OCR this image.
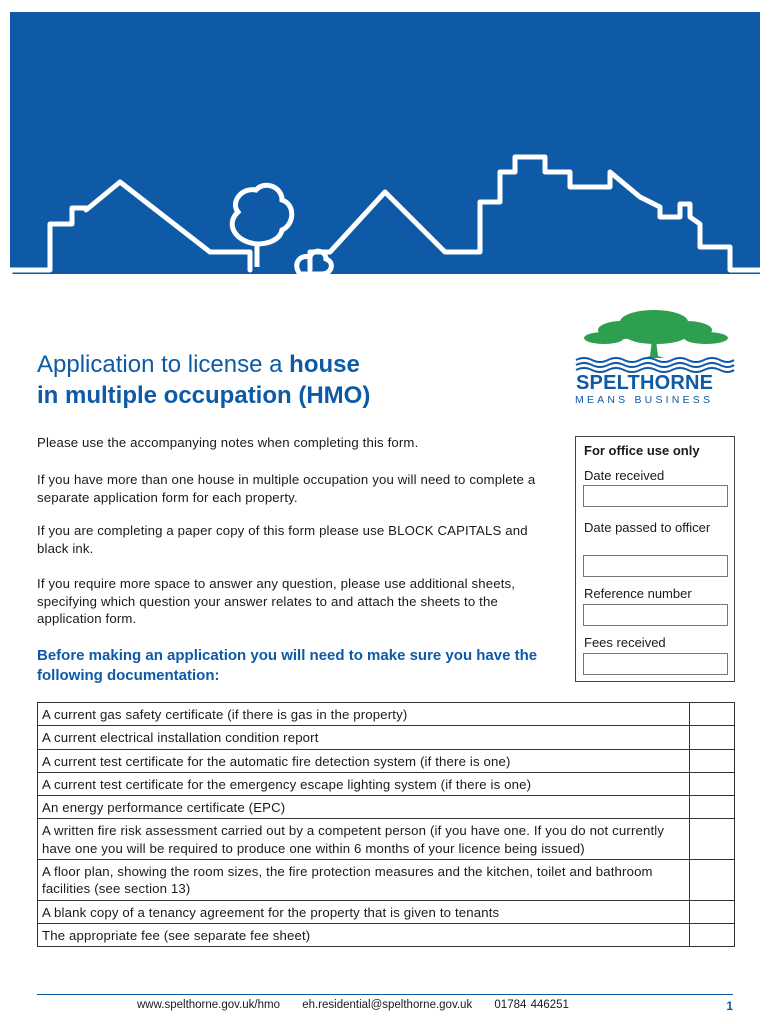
SPELTHORNE
MEANS BUSINESS
Application to license a house
in multiple occupation (HMO)
Please use the accompanying notes when completing this form.
If you have more than one house in multiple occupation you will need to complete a separate application form for each property.
If you are completing a paper copy of this form please use BLOCK CAPITALS and black ink.
If you require more space to answer any question, please use additional sheets, specifying which question your answer relates to and attach the sheets to the application form.
Before making an application you will need to make sure you have the following documentation:
For office use only
Date received
Date passed to officer
Reference number
Fees received
A current gas safety certificate (if there is gas in the property)
A current electrical installation condition report
A current test certificate for the automatic fire detection system (if there is one)
A current test certificate for the emergency escape lighting system (if there is one)
An energy performance certificate (EPC)
A written fire risk assessment carried out by a competent person (if you have one. If you do not currently have one you will be required to produce one within 6 months of your licence being issued)
A floor plan, showing the room sizes, the fire protection measures and the kitchen, toilet and bathroom facilities (see section 13)
A blank copy of a tenancy agreement for the property that is given to tenants
The appropriate fee (see separate fee sheet)
www.spelthorne.gov.uk/hmo eh.residential@spelthorne.gov.uk 01784 446251	1
